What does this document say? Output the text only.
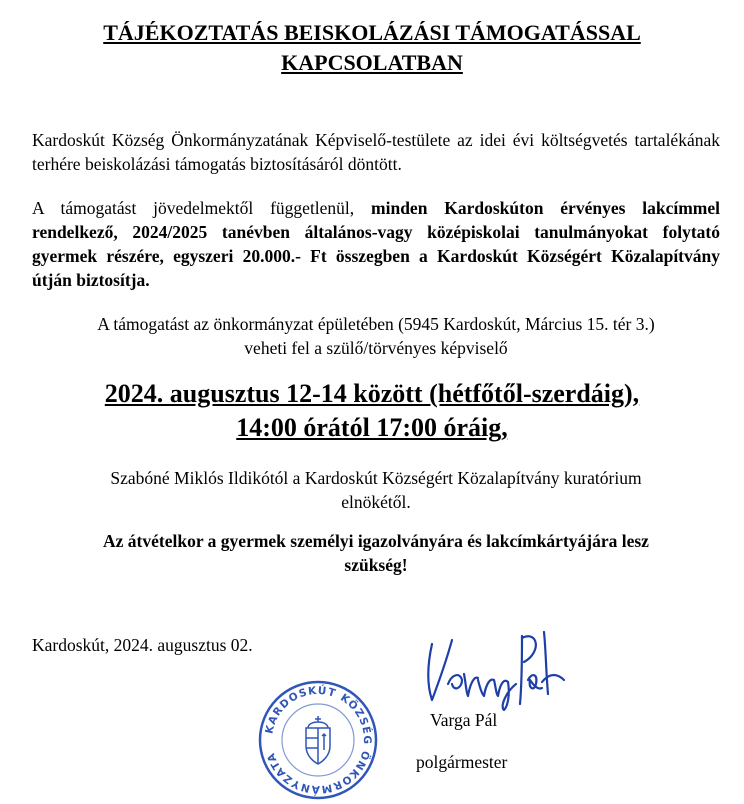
TÁJÉKOZTATÁS BEISKOLÁZÁSI TÁMOGATÁSSAL
KAPCSOLATBAN
Kardoskút Község Önkormányzatának Képviselő-testülete az idei évi költségvetés tartalékának terhére beiskolázási támogatás biztosításáról döntött.
A támogatást jövedelmektől függetlenül, minden Kardoskúton érvényes lakcímmel rendelkező, 2024/2025 tanévben általános-vagy középiskolai tanulmányokat folytató gyermek részére, egyszeri 20.000.- Ft összegben a Kardoskút Községért Közalapítvány útján biztosítja.
A támogatást az önkormányzat épületében (5945 Kardoskút, Március 15. tér 3.)
veheti fel a szülő/törvényes képviselő
2024. augusztus 12-14 között (hétfőtől-szerdáig),
14:00 órától 17:00 óráig,
Szabóné Miklós Ildikótól a Kardoskút Községért Közalapítvány kuratórium
elnökétől.
Az átvételkor a gyermek személyi igazolványára és lakcímkártyájára lesz
szükség!
Kardoskút, 2024. augusztus 02.
KARDOSKÚT KÖZSÉG ÖNKORMÁNYZATA
Varga Pál
polgármester
